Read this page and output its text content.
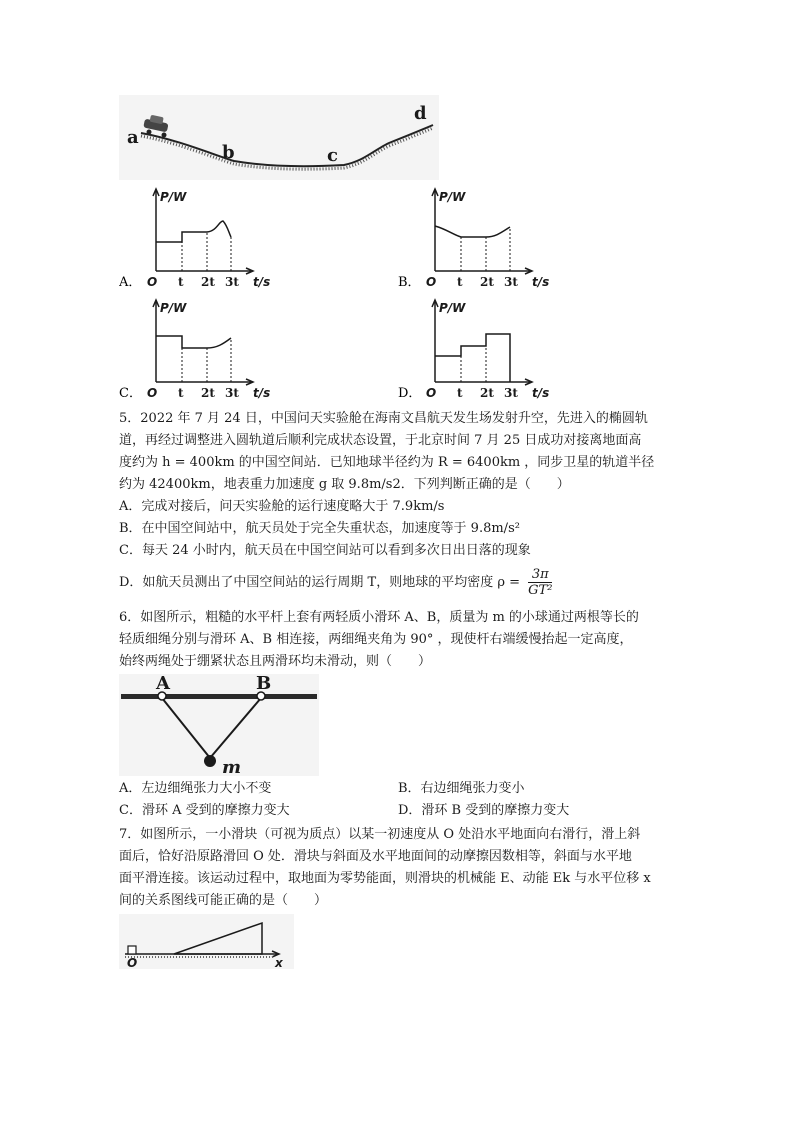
a
b	c
d
A．
P/W
t/s
O t 2t 3t	B．
P/W
t/s
O t 2t 3t
C．
P/W
t/s
O t 2t 3t	D．
P/W
t/s
O t 2t 3t
5．2022 年 7 月 24 日，中国问天实验舱在海南文昌航天发生场发射升空，先进入的椭圆轨
道，再经过调整进入圆轨道后顺利完成状态设置，于北京时间 7 月 25 日成功对接离地面高
度约为 h = 400km 的中国空间站．已知地球半径约为 R = 6400km ，同步卫星的轨道半径
约为 42400km，地表重力加速度 g 取 9.8m/s2．下列判断正确的是（　　）
A．完成对接后，问天实验舱的运行速度略大于 7.9km/s
B．在中国空间站中，航天员处于完全失重状态，加速度等于 9.8m/s²
C．每天 24 小时内，航天员在中国空间站可以看到多次日出日落的现象
D．如航天员测出了中国空间站的运行周期 T，则地球的平均密度 $\rho = \frac{3\pi}{\text{GT²}}$
6．如图所示，粗糙的水平杆上套有两轻质小滑环 A、B，质量为 m 的小球通过两根等长的
轻质细绳分别与滑环 A、B 相连接，两细绳夹角为 90° ，现使杆右端缓慢抬起一定高度，
始终两绳处于绷紧状态且两滑环均未滑动，则（　　）
A	B
m
A．左边细绳张力大小不变	B．右边细绳张力变小
C．滑环 A 受到的摩擦力变大	D．滑环 B 受到的摩擦力变大
7．如图所示，一小滑块（可视为质点）以某一初速度从 O 处沿水平地面向右滑行，滑上斜
面后，恰好沿原路滑回 O 处．滑块与斜面及水平地面间的动摩擦因数相等，斜面与水平地
面平滑连接。该运动过程中，取地面为零势能面，则滑块的机械能 E、动能 Ek 与水平位移 x
间的关系图线可能正确的是（　　）
O	x
